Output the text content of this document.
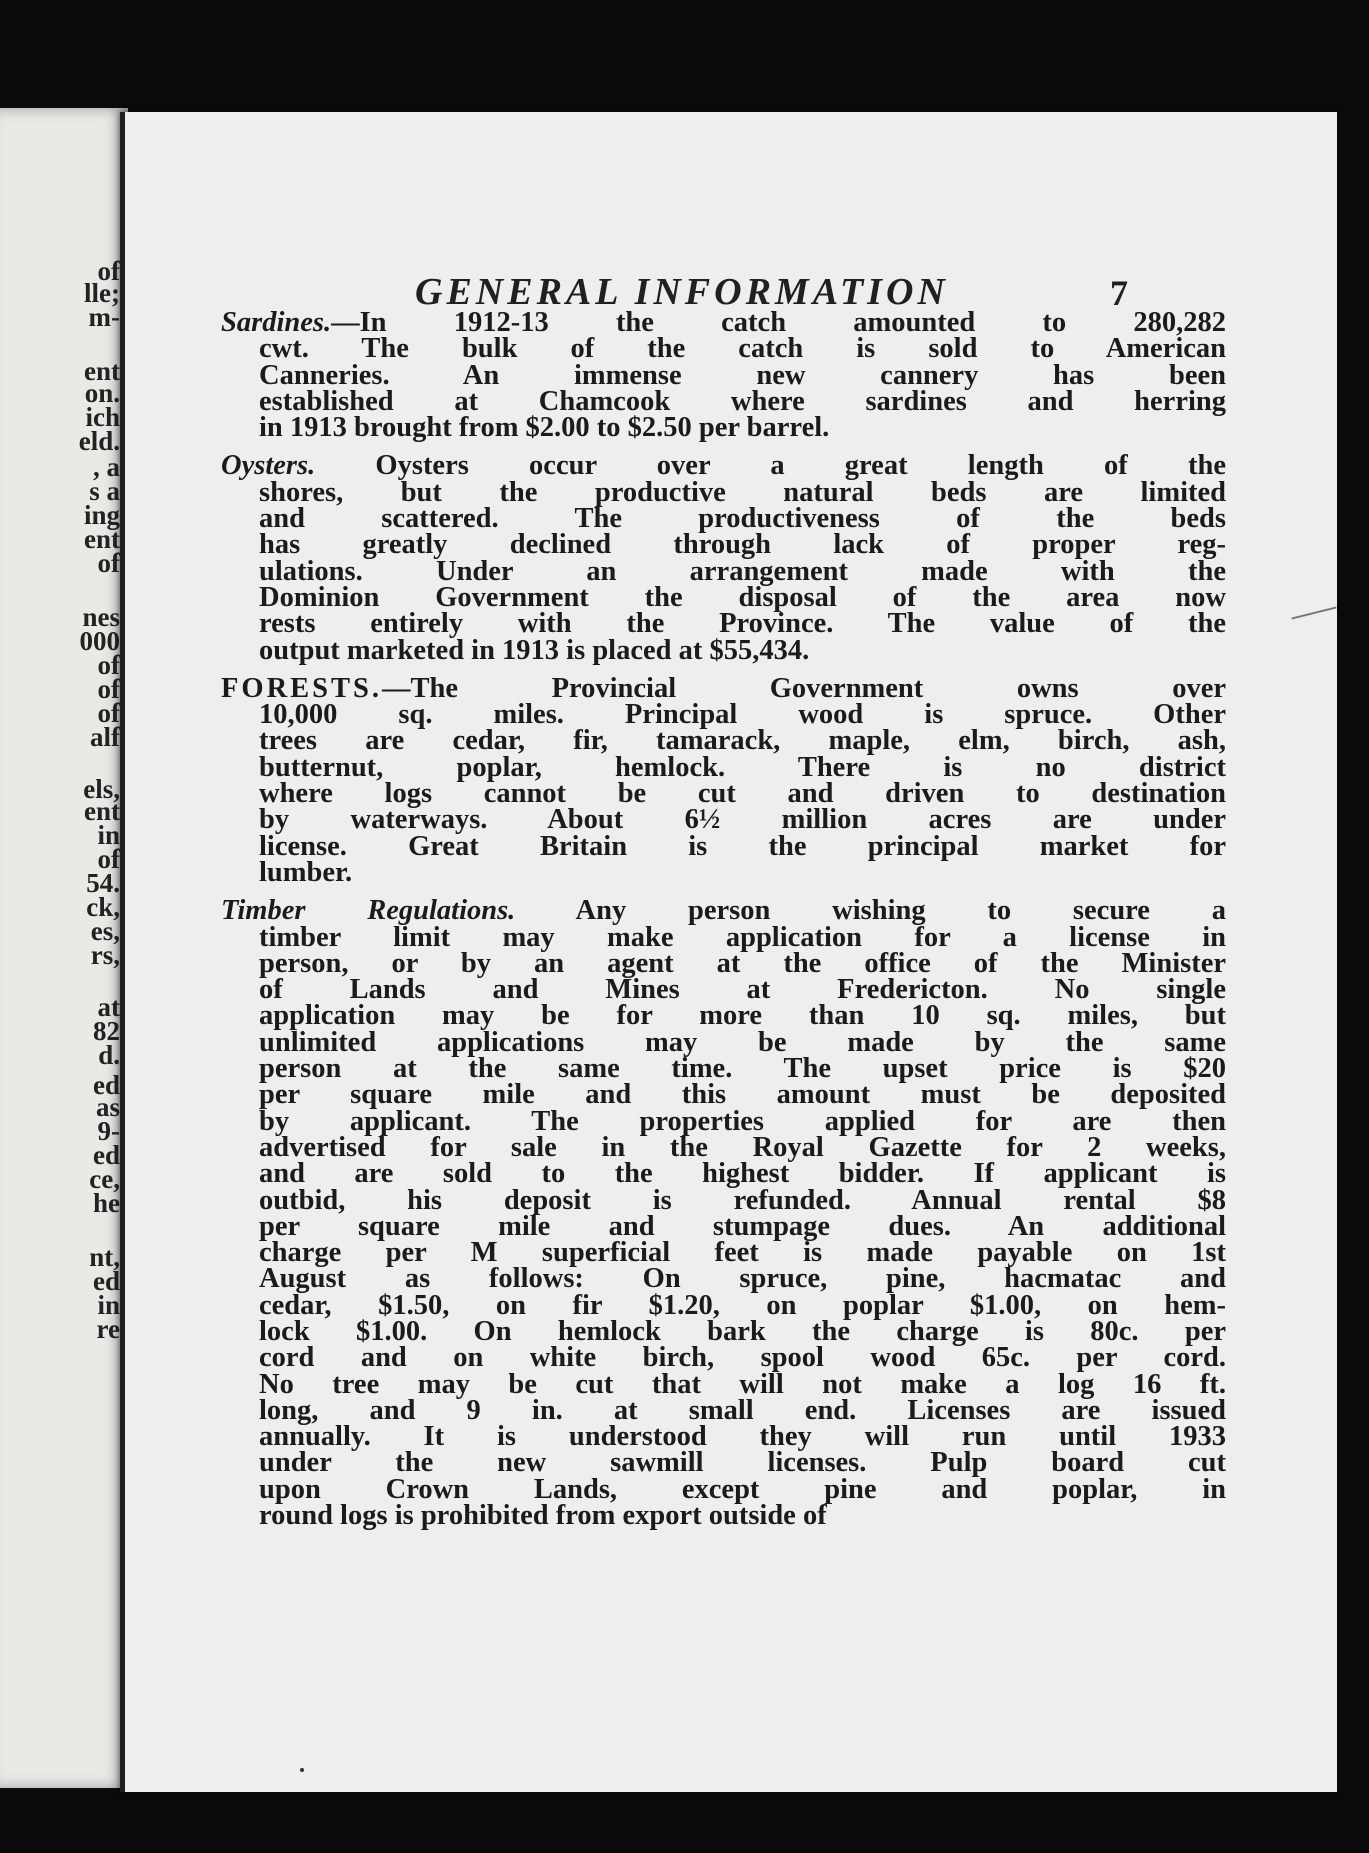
of
lle;
m-
ent
on.
ich
eld.
, a
s a
ing
ent
of
nes
000
of
of
of
alf
els,
ent
in
of
54.
ck,
es,
rs,
at
82
d.
ed
as
9-
ed
ce,
he
nt,
ed
in
re
GENERAL INFORMATION	7
Sardines.—In 1912-13 the catch amounted to 280,282
cwt. The bulk of the catch is sold to American
Canneries. An immense new cannery has been
established at Chamcook where sardines and herring
in 1913 brought from $2.00 to $2.50 per barrel.
Oysters. Oysters occur over a great length of the
shores, but the productive natural beds are limited
and scattered. The productiveness of the beds
has greatly declined through lack of proper reg-
ulations. Under an arrangement made with the
Dominion Government the disposal of the area now
rests entirely with the Province. The value of the
output marketed in 1913 is placed at $55,434.
FORESTS.—The Provincial Government owns over
10,000 sq. miles. Principal wood is spruce. Other
trees are cedar, fir, tamarack, maple, elm, birch, ash,
butternut, poplar, hemlock. There is no district
where logs cannot be cut and driven to destination
by waterways. About 6½ million acres are under
license. Great Britain is the principal market for
lumber.
Timber Regulations. Any person wishing to secure a
timber limit may make application for a license in
person, or by an agent at the office of the Minister
of Lands and Mines at Fredericton. No single
application may be for more than 10 sq. miles, but
unlimited applications may be made by the same
person at the same time. The upset price is $20
per square mile and this amount must be deposited
by applicant. The properties applied for are then
advertised for sale in the Royal Gazette for 2 weeks,
and are sold to the highest bidder. If applicant is
outbid, his deposit is refunded. Annual rental $8
per square mile and stumpage dues. An additional
charge per M superficial feet is made payable on 1st
August as follows: On spruce, pine, hacmatac and
cedar, $1.50, on fir $1.20, on poplar $1.00, on hem-
lock $1.00. On hemlock bark the charge is 80c. per
cord and on white birch, spool wood 65c. per cord.
No tree may be cut that will not make a log 16 ft.
long, and 9 in. at small end. Licenses are issued
annually. It is understood they will run until 1933
under the new sawmill licenses. Pulp board cut
upon Crown Lands, except pine and poplar, in
round logs is prohibited from export outside of
